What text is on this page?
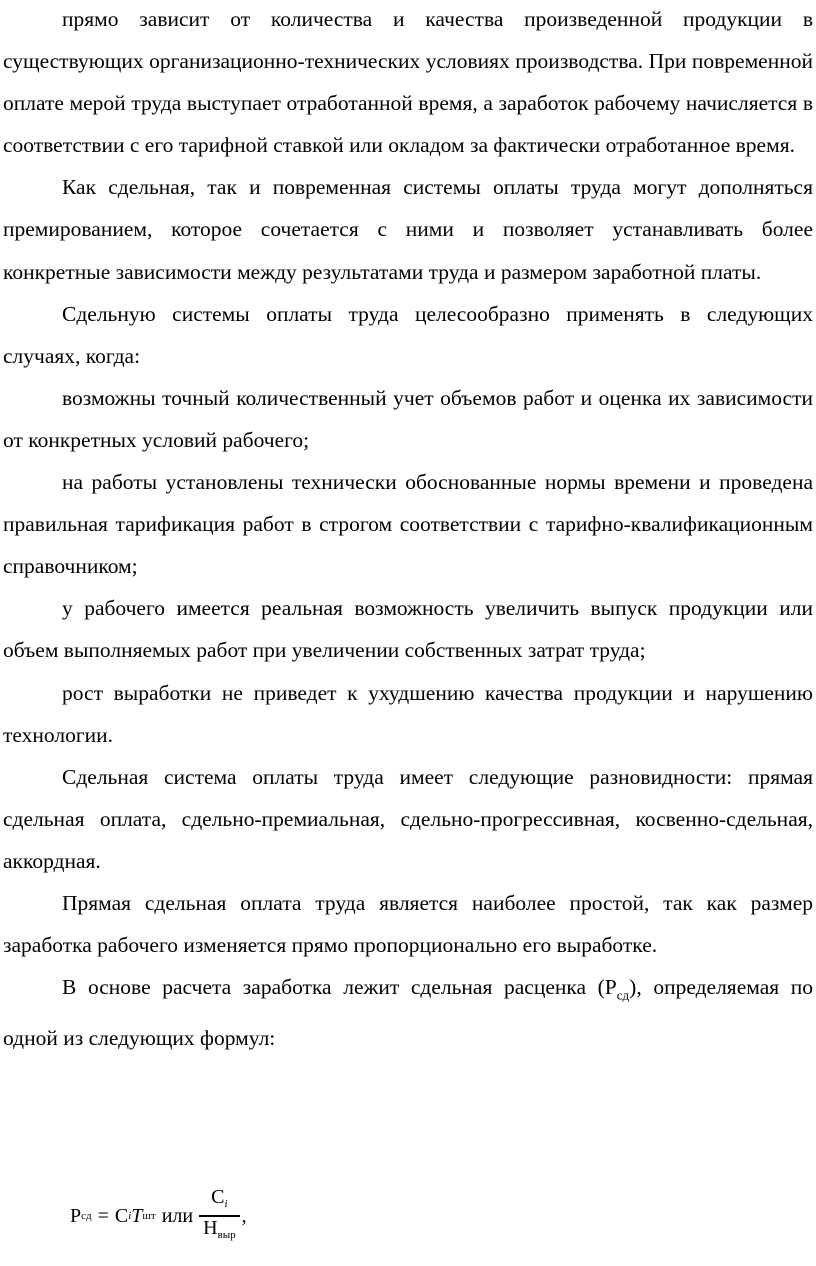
прямо зависит от количества и качества произведенной продукции в существующих организационно-технических условиях производства. При повременной оплате мерой труда выступает отработанной время, а заработок рабочему начисляется в соответствии с его тарифной ставкой или окладом за фактически отработанное время.

Как сдельная, так и повременная системы оплаты труда могут дополняться премированием, которое сочетается с ними и позволяет устанавливать более конкретные зависимости между результатами труда и размером заработной платы.

Сдельную системы оплаты труда целесообразно применять в следующих случаях, когда:

возможны точный количественный учет объемов работ и оценка их зависимости от конкретных условий рабочего;

на работы установлены технически обоснованные нормы времени и проведена правильная тарификация работ в строгом соответствии с тарифно-квалификационным справочником;

у рабочего имеется реальная возможность увеличить выпуск продукции или объем выполняемых работ при увеличении собственных затрат труда;

рост выработки не приведет к ухудшению качества продукции и нарушению технологии.

Сдельная система оплаты труда имеет следующие разновидности: прямая сдельная оплата, сдельно-премиальная, сдельно-прогрессивная, косвенно-сдельная, аккордная.

Прямая сдельная оплата труда является наиболее простой, так как размер заработка рабочего изменяется прямо пропорционально его выработке.

В основе расчета заработка лежит сдельная расценка $(Р_{сд})$, определяемая по одной из следующих формул:

Р сд = С i T шт или $\frac{С_i}{Н_{выр}}$ ,
